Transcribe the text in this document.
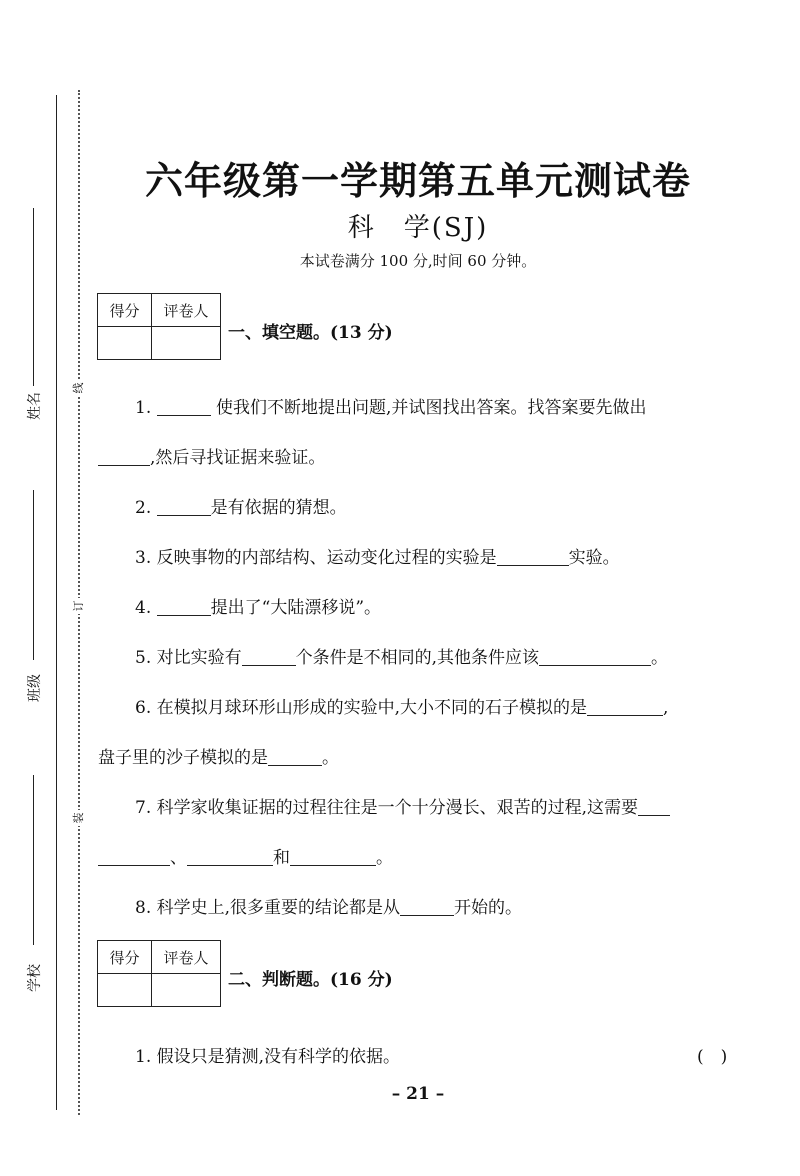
姓名
班级
学校
线
订
装
六年级第一学期第五单元测试卷
科　学(SJ)
本试卷满分 100 分,时间 60 分钟。
得分	评卷人

一、填空题。(13 分)
1.	使我们不断地提出问题,并试图找出答案。找答案要先做出
,然后寻找证据来验证。
2.	是有依据的猜想。
3. 反映事物的内部结构、运动变化过程的实验是	实验。
4.	提出了“大陆漂移说”。
5. 对比实验有	个条件是不相同的,其他条件应该	。
6. 在模拟月球环形山形成的实验中,大小不同的石子模拟的是	,
盘子里的沙子模拟的是	。
7. 科学家收集证据的过程往往是一个十分漫长、艰苦的过程,这需要
、	和	。
8. 科学史上,很多重要的结论都是从	开始的。
得分	评卷人

二、判断题。(16 分)
1. 假设只是猜测,没有科学的依据。	(　)
– 21 –
